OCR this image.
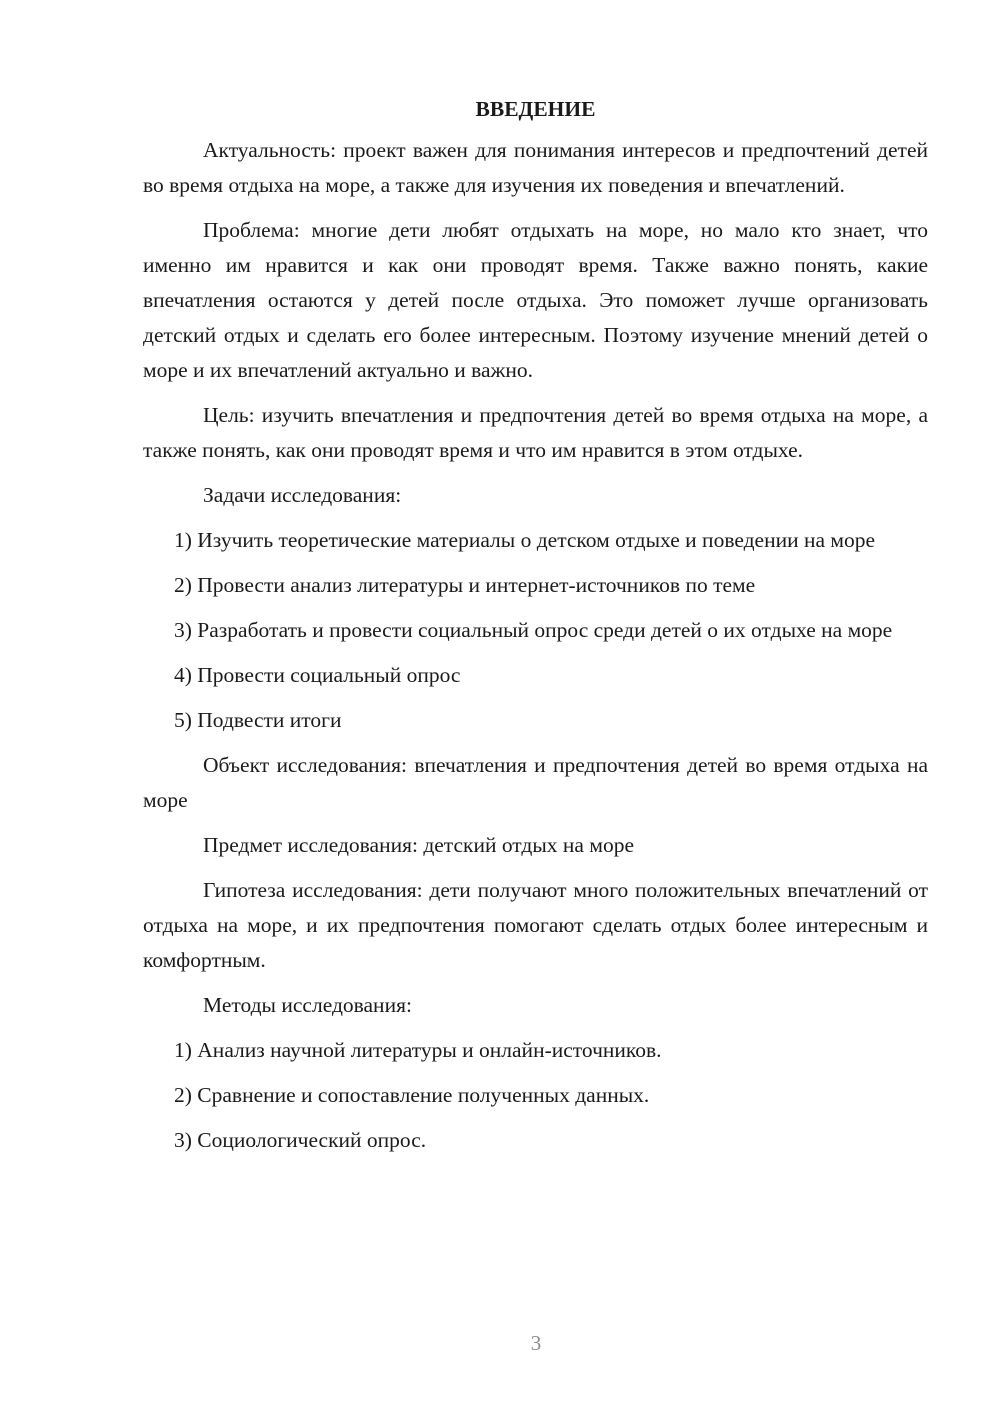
ВВЕДЕНИЕ

Актуальность: проект важен для понимания интересов и предпочтений детей во время отдыха на море, а также для изучения их поведения и впечатлений.

Проблема: многие дети любят отдыхать на море, но мало кто знает, что именно им нравится и как они проводят время. Также важно понять, какие впечатления остаются у детей после отдыха. Это поможет лучше организовать детский отдых и сделать его более интересным. Поэтому изучение мнений детей о море и их впечатлений актуально и важно.

Цель: изучить впечатления и предпочтения детей во время отдыха на море, а также понять, как они проводят время и что им нравится в этом отдыхе.

Задачи исследования:

1) Изучить теоретические материалы о детском отдыхе и поведении на море

2) Провести анализ литературы и интернет-источников по теме

3) Разработать и провести социальный опрос среди детей о их отдыхе на море

4) Провести социальный опрос

5) Подвести итоги

Объект исследования: впечатления и предпочтения детей во время отдыха на море

Предмет исследования: детский отдых на море

Гипотеза исследования: дети получают много положительных впечатлений от отдыха на море, и их предпочтения помогают сделать отдых более интересным и комфортным.

Методы исследования:

1) Анализ научной литературы и онлайн-источников.

2) Сравнение и сопоставление полученных данных.

3) Социологический опрос.

3
